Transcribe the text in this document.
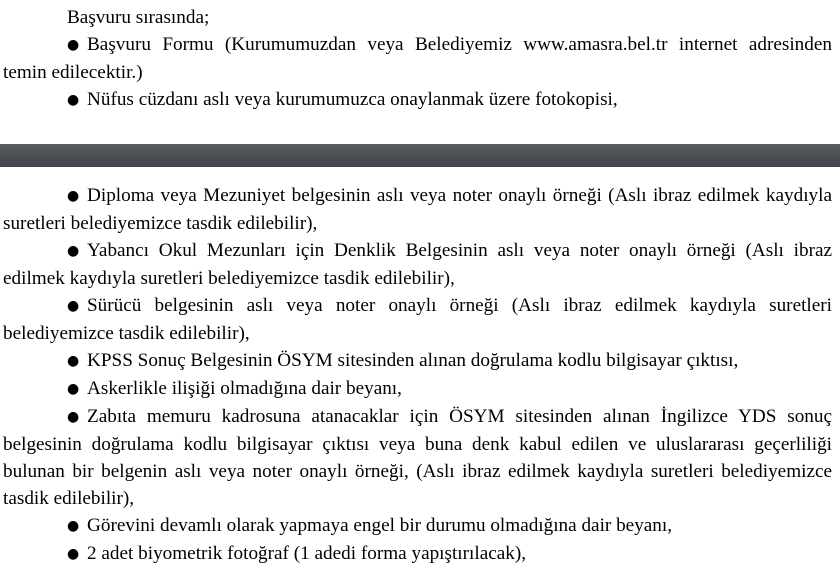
Başvuru sırasında;

● Başvuru Formu (Kurumumuzdan veya Belediyemiz www.amasra.bel.tr internet adresinden temin edilecektir.)

● Nüfus cüzdanı aslı veya kurumumuzca onaylanmak üzere fotokopisi,

● Diploma veya Mezuniyet belgesinin aslı veya noter onaylı örneği (Aslı ibraz edilmek kaydıyla suretleri belediyemizce tasdik edilebilir),

● Yabancı Okul Mezunları için Denklik Belgesinin aslı veya noter onaylı örneği (Aslı ibraz edilmek kaydıyla suretleri belediyemizce tasdik edilebilir),

● Sürücü belgesinin aslı veya noter onaylı örneği (Aslı ibraz edilmek kaydıyla suretleri belediyemizce tasdik edilebilir),

● KPSS Sonuç Belgesinin ÖSYM sitesinden alınan doğrulama kodlu bilgisayar çıktısı,

● Askerlikle ilişiği olmadığına dair beyanı,

● Zabıta memuru kadrosuna atanacaklar için ÖSYM sitesinden alınan İngilizce YDS sonuç belgesinin doğrulama kodlu bilgisayar çıktısı veya buna denk kabul edilen ve uluslararası geçerliliği bulunan bir belgenin aslı veya noter onaylı örneği, (Aslı ibraz edilmek kaydıyla suretleri belediyemizce tasdik edilebilir),

● Görevini devamlı olarak yapmaya engel bir durumu olmadığına dair beyanı,

● 2 adet biyometrik fotoğraf (1 adedi forma yapıştırılacak),
